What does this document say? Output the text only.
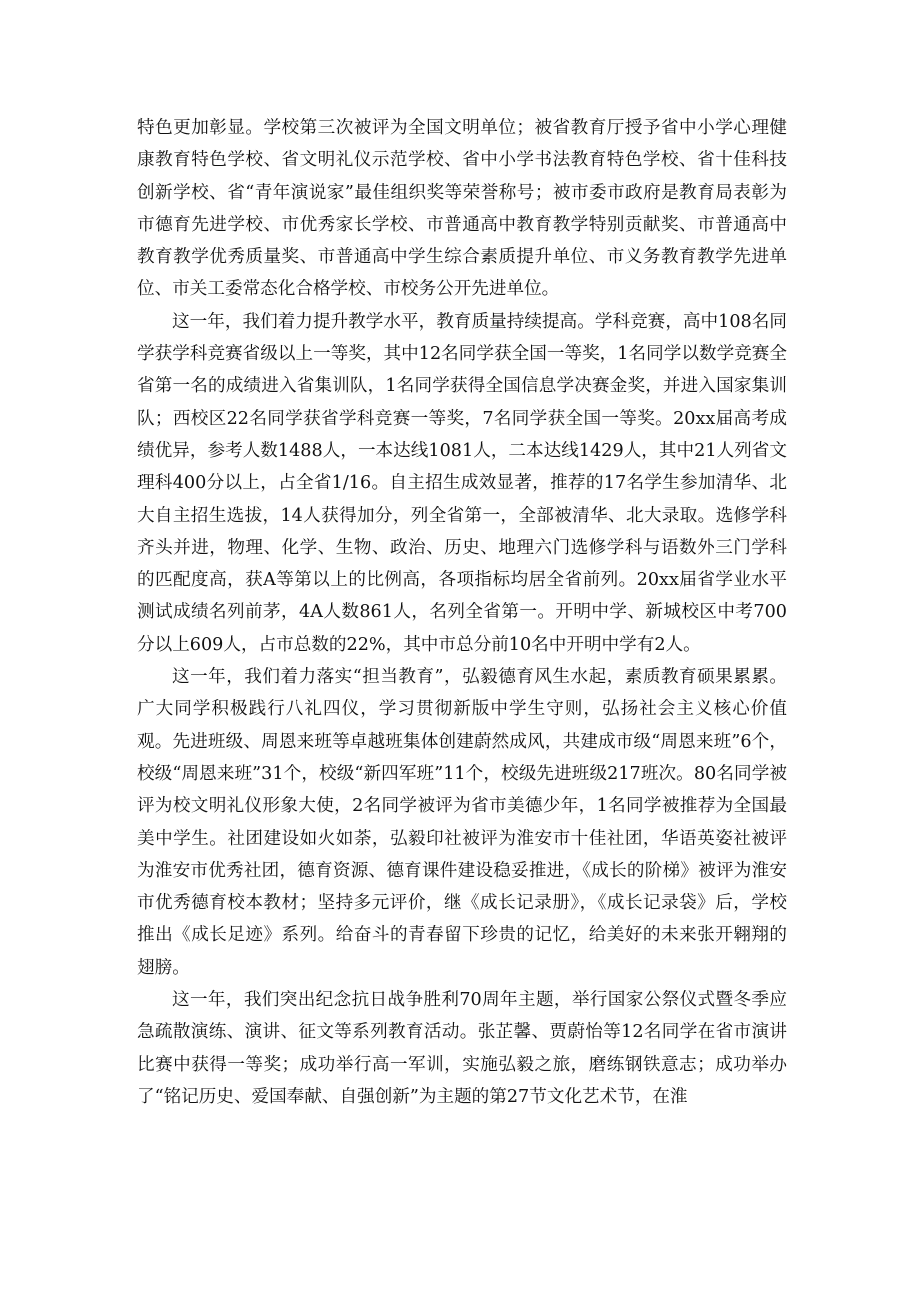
特色更加彰显。学校第三次被评为全国文明单位；被省教育厅授予省中小学心理健康教育特色学校、省文明礼仪示范学校、省中小学书法教育特色学校、省十佳科技创新学校、省“青年演说家”最佳组织奖等荣誉称号；被市委市政府是教育局表彰为市德育先进学校、市优秀家长学校、市普通高中教育教学特别贡献奖、市普通高中教育教学优秀质量奖、市普通高中学生综合素质提升单位、市义务教育教学先进单位、市关工委常态化合格学校、市校务公开先进单位。

这一年，我们着力提升教学水平，教育质量持续提高。学科竞赛，高中108名同学获学科竞赛省级以上一等奖，其中12名同学获全国一等奖，1名同学以数学竞赛全省第一名的成绩进入省集训队，1名同学获得全国信息学决赛金奖，并进入国家集训队；西校区22名同学获省学科竞赛一等奖，7名同学获全国一等奖。20xx届高考成绩优异，参考人数1488人，一本达线1081人，二本达线1429人，其中21人列省文理科400分以上，占全省1/16。自主招生成效显著，推荐的17名学生参加清华、北大自主招生选拔，14人获得加分，列全省第一，全部被清华、北大录取。选修学科齐头并进，物理、化学、生物、政治、历史、地理六门选修学科与语数外三门学科的匹配度高，获A等第以上的比例高，各项指标均居全省前列。20xx届省学业水平测试成绩名列前茅，4A人数861人，名列全省第一。开明中学、新城校区中考700分以上609人，占市总数的22%，其中市总分前10名中开明中学有2人。

这一年，我们着力落实“担当教育”，弘毅德育风生水起，素质教育硕果累累。广大同学积极践行八礼四仪，学习贯彻新版中学生守则，弘扬社会主义核心价值观。先进班级、周恩来班等卓越班集体创建蔚然成风，共建成市级“周恩来班”6个，校级“周恩来班”31个，校级“新四军班”11个，校级先进班级217班次。80名同学被评为校文明礼仪形象大使，2名同学被评为省市美德少年，1名同学被推荐为全国最美中学生。社团建设如火如荼，弘毅印社被评为淮安市十佳社团，华语英姿社被评为淮安市优秀社团，德育资源、德育课件建设稳妥推进，《成长的阶梯》被评为淮安市优秀德育校本教材；坚持多元评价，继《成长记录册》，《成长记录袋》后，学校推出《成长足迹》系列。给奋斗的青春留下珍贵的记忆，给美好的未来张开翱翔的翅膀。

这一年，我们突出纪念抗日战争胜利70周年主题，举行国家公祭仪式暨冬季应急疏散演练、演讲、征文等系列教育活动。张芷馨、贾蔚怡等12名同学在省市演讲比赛中获得一等奖；成功举行高一军训，实施弘毅之旅，磨练钢铁意志；成功举办了“铭记历史、爱国奉献、自强创新”为主题的第27节文化艺术节，在淮
